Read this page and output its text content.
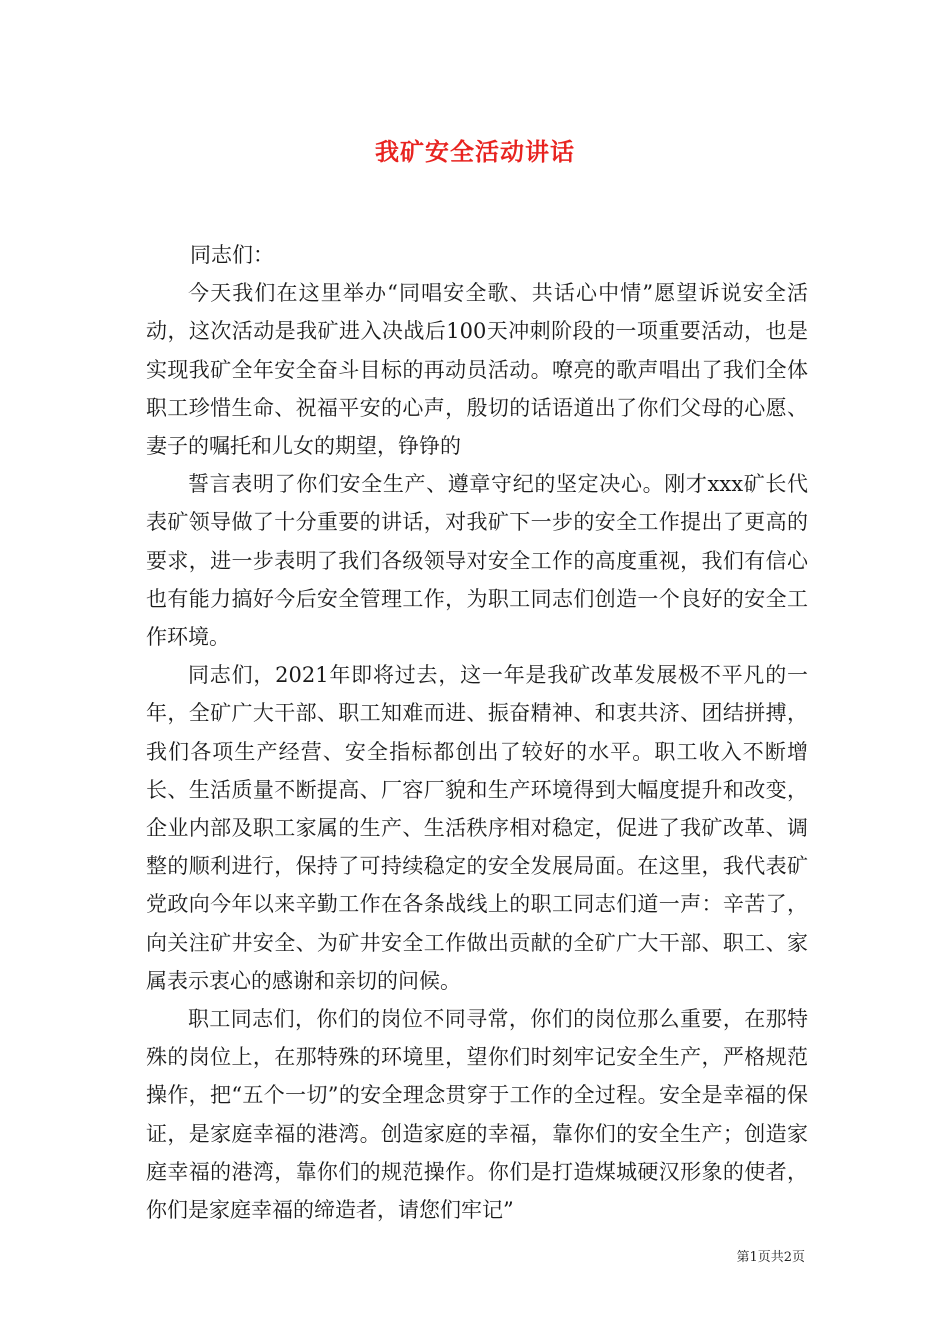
我矿安全活动讲话

同志们：

今天我们在这里举办“同唱安全歌、共话心中情”愿望诉说安全活动，这次活动是我矿进入决战后100天冲刺阶段的一项重要活动，也是实现我矿全年安全奋斗目标的再动员活动。嘹亮的歌声唱出了我们全体职工珍惜生命、祝福平安的心声，殷切的话语道出了你们父母的心愿、妻子的嘱托和儿女的期望，铮铮的

誓言表明了你们安全生产、遵章守纪的坚定决心。刚才xxx矿长代表矿领导做了十分重要的讲话，对我矿下一步的安全工作提出了更高的要求，进一步表明了我们各级领导对安全工作的高度重视，我们有信心也有能力搞好今后安全管理工作，为职工同志们创造一个良好的安全工作环境。

同志们，2021年即将过去，这一年是我矿改革发展极不平凡的一年，全矿广大干部、职工知难而进、振奋精神、和衷共济、团结拼搏，我们各项生产经营、安全指标都创出了较好的水平。职工收入不断增长、生活质量不断提高、厂容厂貌和生产环境得到大幅度提升和改变，企业内部及职工家属的生产、生活秩序相对稳定，促进了我矿改革、调整的顺利进行，保持了可持续稳定的安全发展局面。在这里，我代表矿党政向今年以来辛勤工作在各条战线上的职工同志们道一声：辛苦了，向关注矿井安全、为矿井安全工作做出贡献的全矿广大干部、职工、家属表示衷心的感谢和亲切的问候。

职工同志们，你们的岗位不同寻常，你们的岗位那么重要，在那特殊的岗位上，在那特殊的环境里，望你们时刻牢记安全生产，严格规范操作，把“五个一切”的安全理念贯穿于工作的全过程。安全是幸福的保证，是家庭幸福的港湾。创造家庭的幸福，靠你们的安全生产；创造家庭幸福的港湾，靠你们的规范操作。你们是打造煤城硬汉形象的使者，你们是家庭幸福的缔造者，请您们牢记”

第1页共2页
